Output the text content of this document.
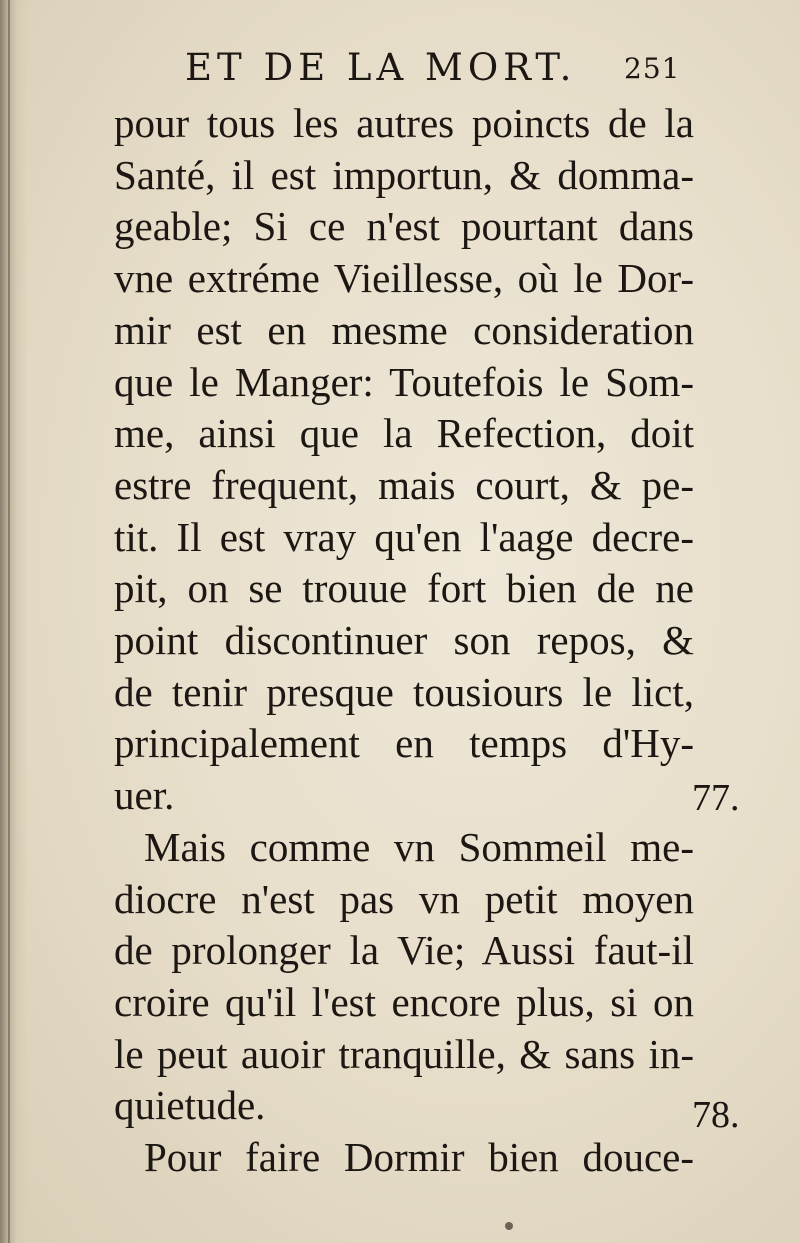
ET DE LA MORT. 251

pour tous les autres poincts de la

Santé, il est importun, & domma-

geable; Si ce n'est pourtant dans

vne extréme Vieillesse, où le Dor-

mir est en mesme consideration

que le Manger: Toutefois le Som-

me, ainsi que la Refection, doit

estre frequent, mais court, & pe-

tit. Il est vray qu'en l'aage decre-

pit, on se trouue fort bien de ne

point discontinuer son repos, &

de tenir presque tousiours le lict,

principalement en temps d'Hy-

uer.

Mais comme vn Sommeil me-

diocre n'est pas vn petit moyen

de prolonger la Vie; Aussi faut-il

croire qu'il l'est encore plus, si on

le peut auoir tranquille, & sans in-

quietude.

Pour faire Dormir bien douce-

77.
78.
